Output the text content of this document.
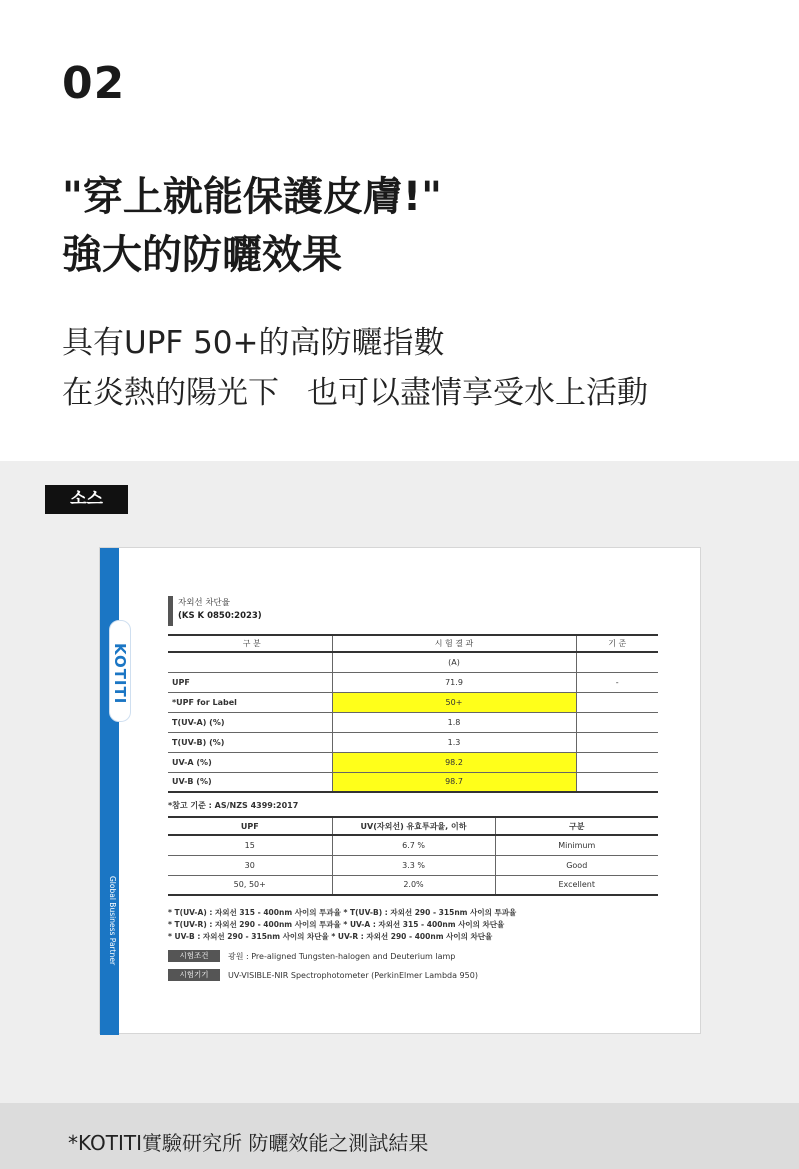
02
"穿上就能保護皮膚!"
強大的防曬效果
具有UPF 50+的高防曬指數
在炎熱的陽光下 也可以盡情享受水上活動
소스
KOTITI
Global Business Partner
자외선 차단율
(KS K 0850:2023)
구 분	시 험 결 과	기 준
	(A)	
UPF	71.9	-
*UPF for Label	50+	
T(UV-A) (%)	1.8	
T(UV-B) (%)	1.3	
UV-A (%)	98.2	
UV-B (%)	98.7	
*참고 기준 : AS/NZS 4399:2017
UPF	UV(자외선) 유효투과율, 이하	구분
15	6.7 %	Minimum
30	3.3 %	Good
50, 50+	2.0%	Excellent
* T(UV-A) : 자외선 315 - 400nm 사이의 투과율 * T(UV-B) : 자외선 290 - 315nm 사이의 투과율
* T(UV-R) : 자외선 290 - 400nm 사이의 투과율 * UV-A : 자외선 315 - 400nm 사이의 차단율
* UV-B : 자외선 290 - 315nm 사이의 차단율 * UV-R : 자외선 290 - 400nm 사이의 차단율
시험조건	광원 : Pre-aligned Tungsten-halogen and Deuterium lamp
시험기기	UV-VISIBLE-NIR Spectrophotometer (PerkinElmer Lambda 950)
*KOTITI實驗研究所 防曬效能之測試結果
